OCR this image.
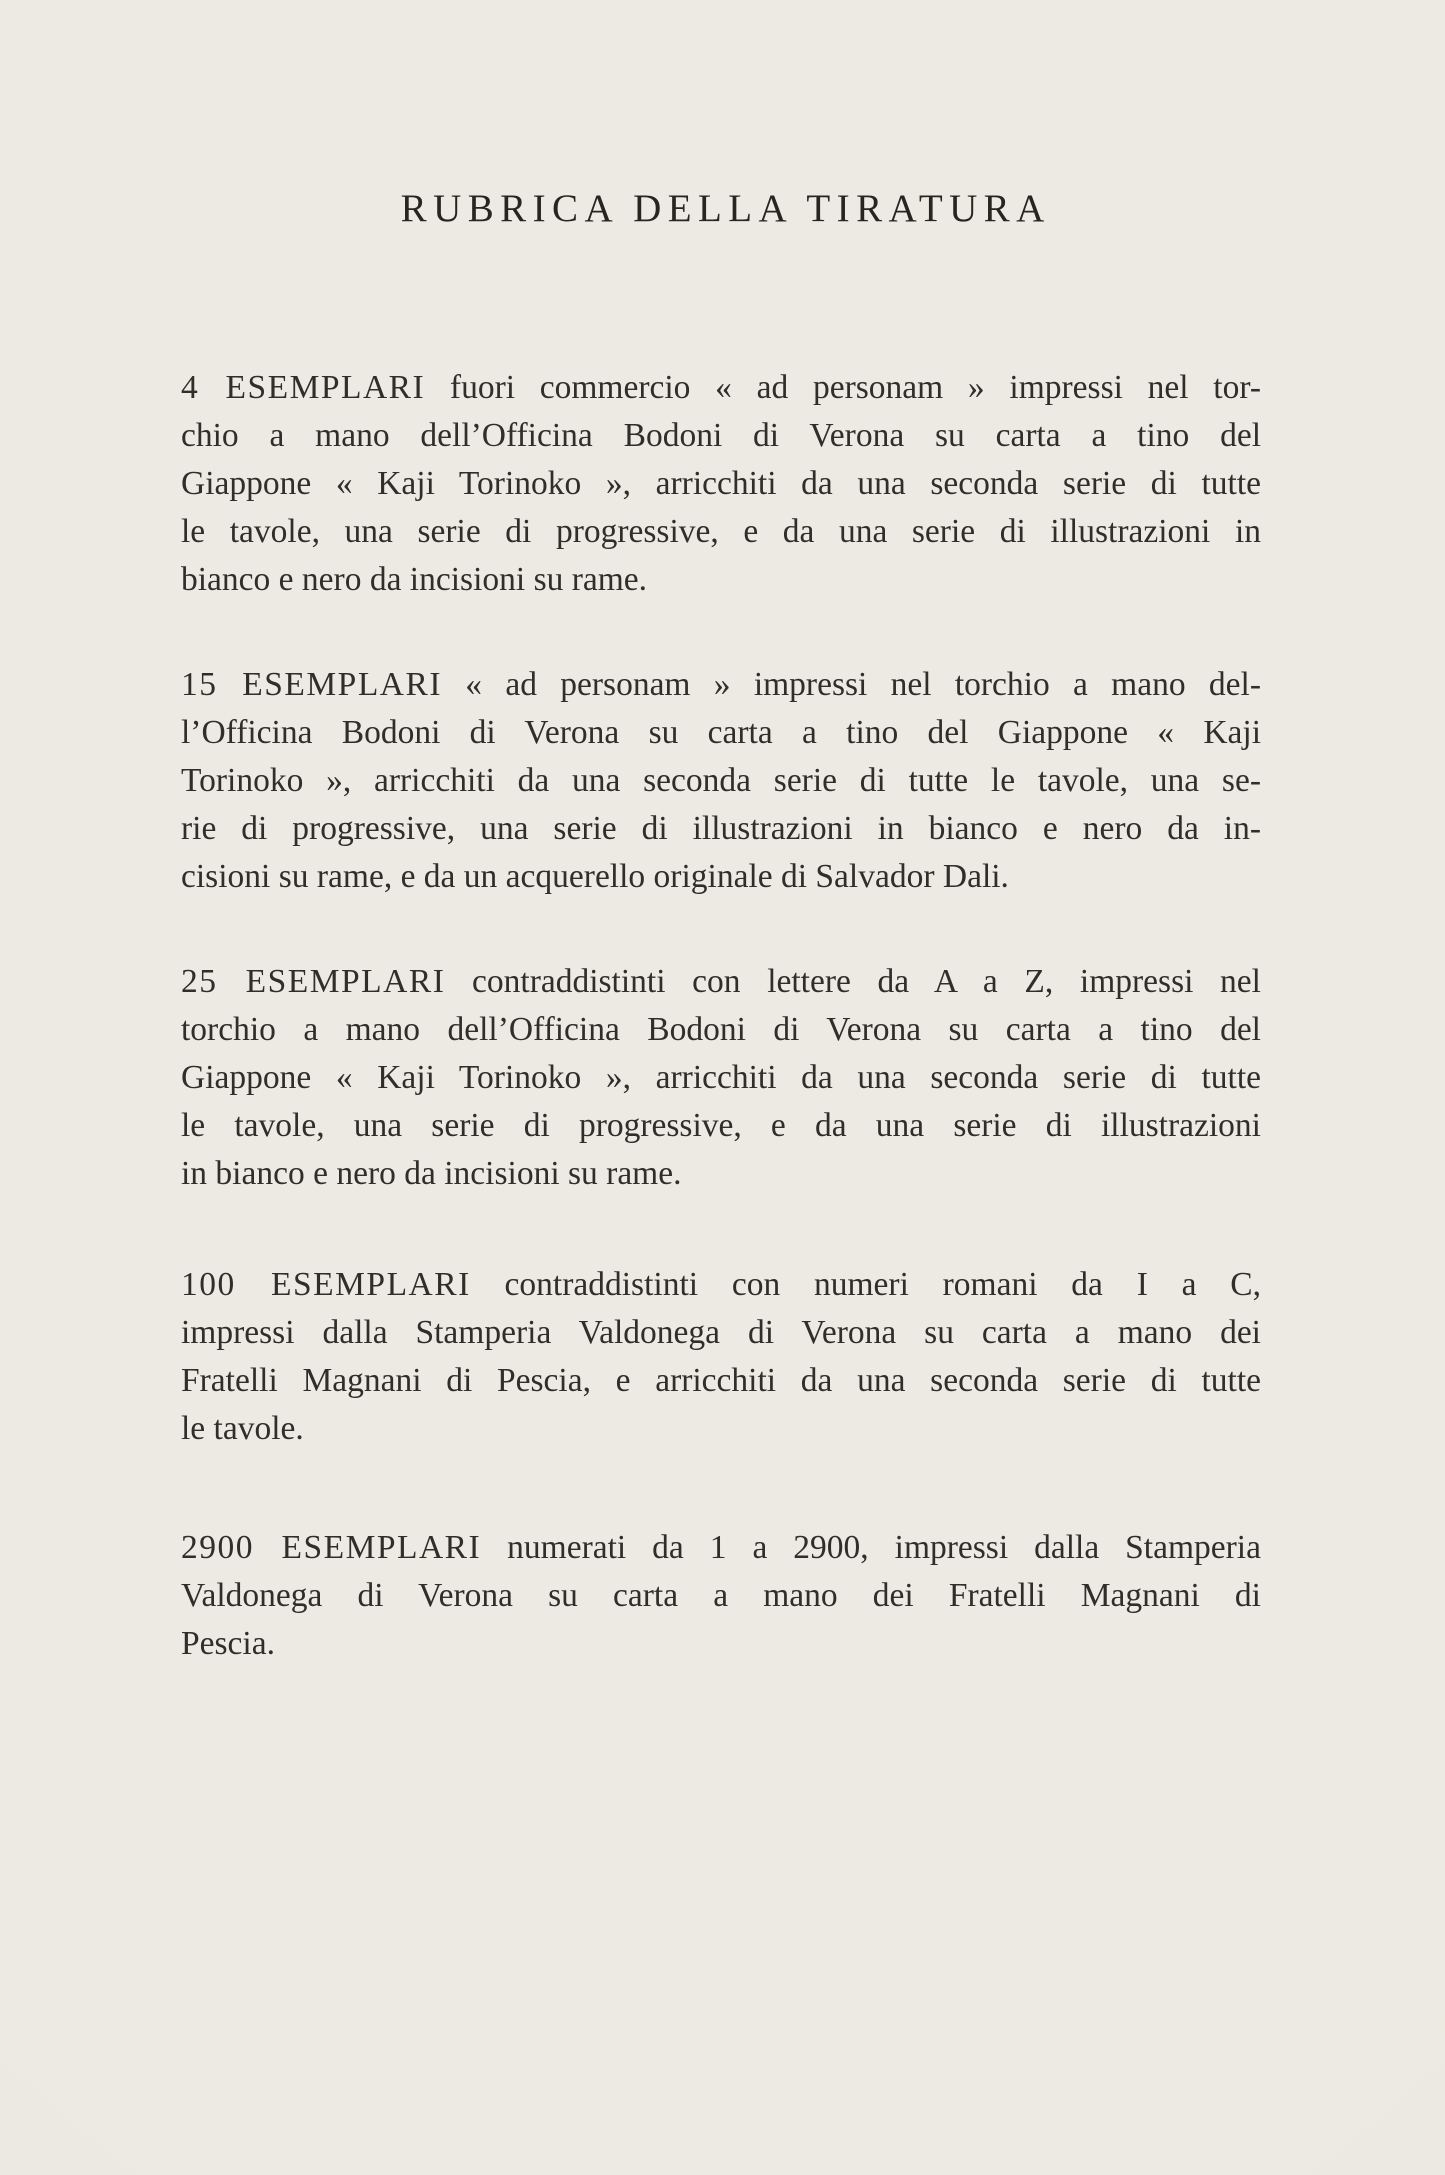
RUBRICA DELLA TIRATURA

4 ESEMPLARI fuori commercio « ad personam » impressi nel tor-
chio a mano dell’Officina Bodoni di Verona su carta a tino del
Giappone « Kaji Torinoko », arricchiti da una seconda serie di tutte
le tavole, una serie di progressive, e da una serie di illustrazioni in
bianco e nero da incisioni su rame.

15 ESEMPLARI « ad personam » impressi nel torchio a mano del-
l’Officina Bodoni di Verona su carta a tino del Giappone « Kaji
Torinoko », arricchiti da una seconda serie di tutte le tavole, una se-
rie di progressive, una serie di illustrazioni in bianco e nero da in-
cisioni su rame, e da un acquerello originale di Salvador Dali.

25 ESEMPLARI contraddistinti con lettere da A a Z, impressi nel
torchio a mano dell’Officina Bodoni di Verona su carta a tino del
Giappone « Kaji Torinoko », arricchiti da una seconda serie di tutte
le tavole, una serie di progressive, e da una serie di illustrazioni
in bianco e nero da incisioni su rame.

100 ESEMPLARI contraddistinti con numeri romani da I a C,
impressi dalla Stamperia Valdonega di Verona su carta a mano dei
Fratelli Magnani di Pescia, e arricchiti da una seconda serie di tutte
le tavole.

2900 ESEMPLARI numerati da 1 a 2900, impressi dalla Stamperia
Valdonega di Verona su carta a mano dei Fratelli Magnani di
Pescia.
